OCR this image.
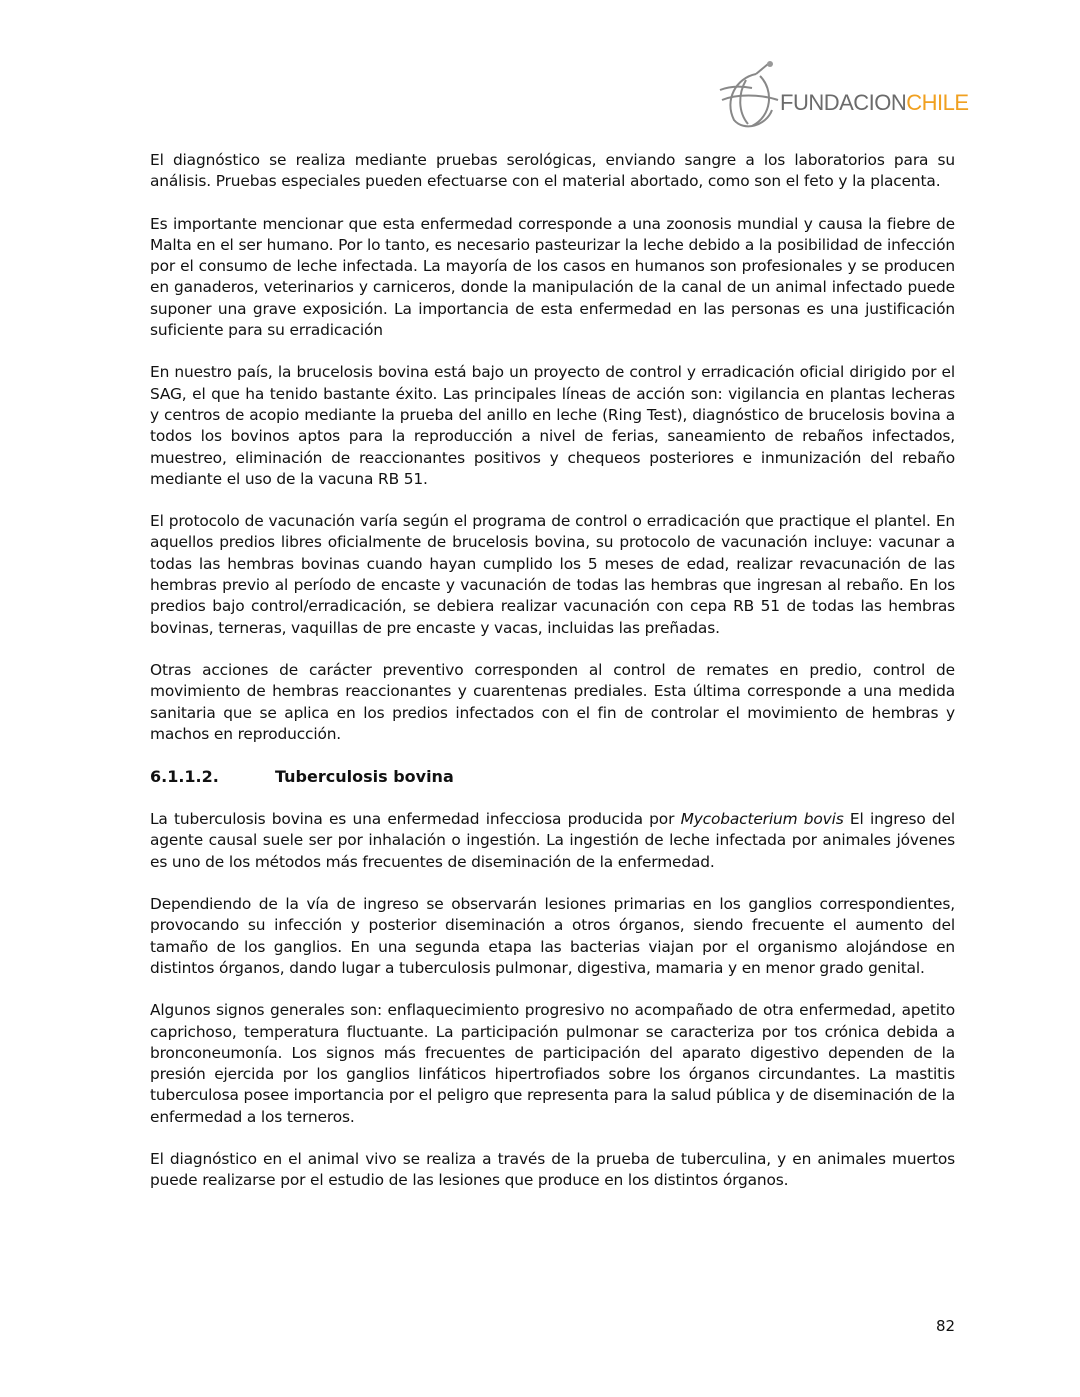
FUNDACIONCHILE

El diagnóstico se realiza mediante pruebas serológicas, enviando sangre a los laboratorios para su análisis. Pruebas especiales pueden efectuarse con el material abortado, como son el feto y la placenta.

Es importante mencionar que esta enfermedad corresponde a una zoonosis mundial y causa la fiebre de Malta en el ser humano. Por lo tanto, es necesario pasteurizar la leche debido a la posibilidad de infección por el consumo de leche infectada. La mayoría de los casos en humanos son profesionales y se producen en ganaderos, veterinarios y carniceros, donde la manipulación de la canal de un animal infectado puede suponer una grave exposición. La importancia de esta enfermedad en las personas es una justificación suficiente para su erradicación

En nuestro país, la brucelosis bovina está bajo un proyecto de control y erradicación oficial dirigido por el SAG, el que ha tenido bastante éxito. Las principales líneas de acción son: vigilancia en plantas lecheras y centros de acopio mediante la prueba del anillo en leche (Ring Test), diagnóstico de brucelosis bovina a todos los bovinos aptos para la reproducción a nivel de ferias, saneamiento de rebaños infectados, muestreo, eliminación de reaccionantes positivos y chequeos posteriores e inmunización del rebaño mediante el uso de la vacuna RB 51.

El protocolo de vacunación varía según el programa de control o erradicación que practique el plantel. En aquellos predios libres oficialmente de brucelosis bovina, su protocolo de vacunación incluye: vacunar a todas las hembras bovinas cuando hayan cumplido los 5 meses de edad, realizar revacunación de las hembras previo al período de encaste y vacunación de todas las hembras que ingresan al rebaño. En los predios bajo control/erradicación, se debiera realizar vacunación con cepa RB 51 de todas las hembras bovinas, terneras, vaquillas de pre encaste y vacas, incluidas las preñadas.

Otras acciones de carácter preventivo corresponden al control de remates en predio, control de movimiento de hembras reaccionantes y cuarentenas prediales. Esta última corresponde a una medida sanitaria que se aplica en los predios infectados con el fin de controlar el movimiento de hembras y machos en reproducción.

6.1.1.2.	Tuberculosis bovina

La tuberculosis bovina es una enfermedad infecciosa producida por Mycobacterium bovis El ingreso del agente causal suele ser por inhalación o ingestión. La ingestión de leche infectada por animales jóvenes es uno de los métodos más frecuentes de diseminación de la enfermedad.

Dependiendo de la vía de ingreso se observarán lesiones primarias en los ganglios correspondientes, provocando su infección y posterior diseminación a otros órganos, siendo frecuente el aumento del tamaño de los ganglios. En una segunda etapa las bacterias viajan por el organismo alojándose en distintos órganos, dando lugar a tuberculosis pulmonar, digestiva, mamaria y en menor grado genital.

Algunos signos generales son: enflaquecimiento progresivo no acompañado de otra enfermedad, apetito caprichoso, temperatura fluctuante. La participación pulmonar se caracteriza por tos crónica debida a bronconeumonía. Los signos más frecuentes de participación del aparato digestivo dependen de la presión ejercida por los ganglios linfáticos hipertrofiados sobre los órganos circundantes. La mastitis tuberculosa posee importancia por el peligro que representa para la salud pública y de diseminación de la enfermedad a los terneros.

El diagnóstico en el animal vivo se realiza a través de la prueba de tuberculina, y en animales muertos puede realizarse por el estudio de las lesiones que produce en los distintos órganos.

82
